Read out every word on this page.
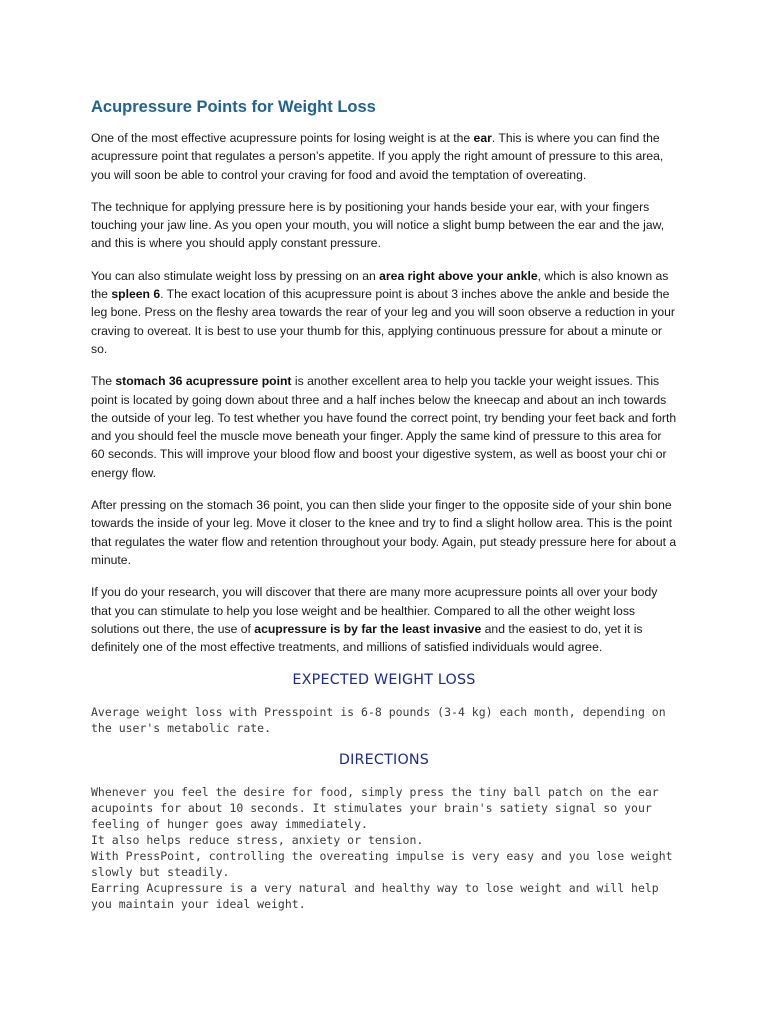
Acupressure Points for Weight Loss

One of the most effective acupressure points for losing weight is at the ear. This is where you can find the acupressure point that regulates a person’s appetite. If you apply the right amount of pressure to this area, you will soon be able to control your craving for food and avoid the temptation of overeating.

The technique for applying pressure here is by positioning your hands beside your ear, with your fingers touching your jaw line. As you open your mouth, you will notice a slight bump between the ear and the jaw, and this is where you should apply constant pressure.

You can also stimulate weight loss by pressing on an area right above your ankle, which is also known as the spleen 6. The exact location of this acupressure point is about 3 inches above the ankle and beside the leg bone. Press on the fleshy area towards the rear of your leg and you will soon observe a reduction in your craving to overeat. It is best to use your thumb for this, applying continuous pressure for about a minute or so.

The stomach 36 acupressure point is another excellent area to help you tackle your weight issues. This point is located by going down about three and a half inches below the kneecap and about an inch towards the outside of your leg. To test whether you have found the correct point, try bending your feet back and forth and you should feel the muscle move beneath your finger. Apply the same kind of pressure to this area for 60 seconds. This will improve your blood flow and boost your digestive system, as well as boost your chi or energy flow.

After pressing on the stomach 36 point, you can then slide your finger to the opposite side of your shin bone towards the inside of your leg. Move it closer to the knee and try to find a slight hollow area. This is the point that regulates the water flow and retention throughout your body. Again, put steady pressure here for about a minute.

If you do your research, you will discover that there are many more acupressure points all over your body that you can stimulate to help you lose weight and be healthier. Compared to all the other weight loss solutions out there, the use of acupressure is by far the least invasive and the easiest to do, yet it is definitely one of the most effective treatments, and millions of satisfied individuals would agree.

EXPECTED WEIGHT LOSS

Average weight loss with Presspoint is 6-8 pounds (3-4 kg) each month, depending on the user's metabolic rate.

DIRECTIONS
Whenever you feel the desire for food, simply press the tiny ball patch on the ear acupoints for about 10 seconds. It stimulates your brain's satiety signal so your feeling of hunger goes away immediately.
It also helps reduce stress, anxiety or tension.
With PressPoint, controlling the overeating impulse is very easy and you lose weight slowly but steadily.
Earring Acupressure is a very natural and healthy way to lose weight and will help you maintain your ideal weight.
